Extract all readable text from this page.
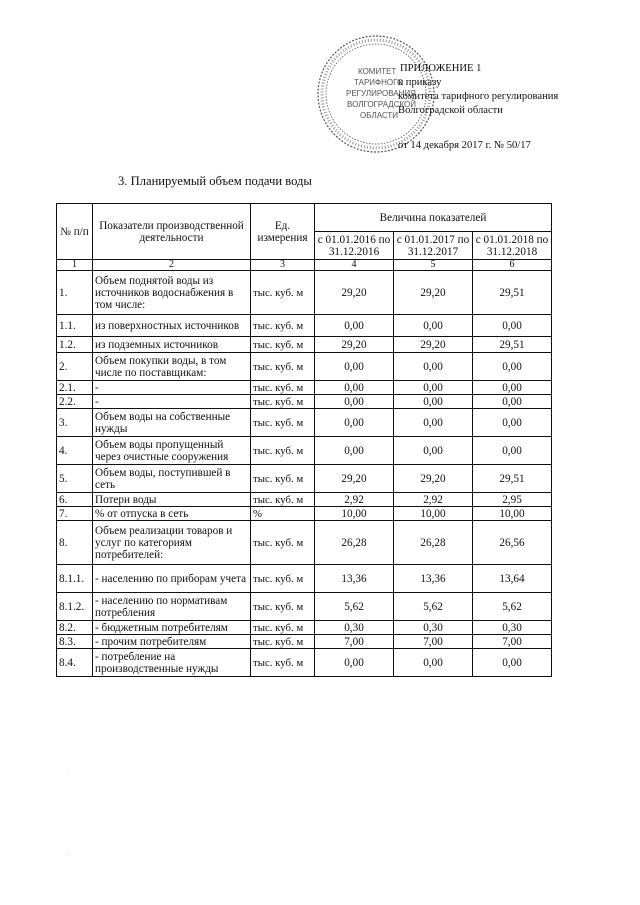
КОМИТЕТ
ТАРИФНОГО
РЕГУЛИРОВАНИЯ
ВОЛГОГРАДСКОЙ
ОБЛАСТИ
ПРИЛОЖЕНИЕ 1
к приказу
комитета тарифного регулирования
Волгоградской области
от 14 декабря 2017 г. № 50/17
3. Планируемый объем подачи воды
№ п/п	Показатели производственной деятельности	Ед. измерения	Величина показателей		
			с 01.01.2016 по 31.12.2016	с 01.01.2017 по 31.12.2017	с 01.01.2018 по 31.12.2018
1	2	3	4	5	6
1.	Объем поднятой воды из источников водоснабжения в том числе:	тыс. куб. м	29,20	29,20	29,51
1.1.	из поверхностных источников	тыс. куб. м	0,00	0,00	0,00
1.2.	из подземных источников	тыс. куб. м	29,20	29,20	29,51
2.	Объем покупки воды, в том числе по поставщикам:	тыс. куб. м	0,00	0,00	0,00
2.1.	-	тыс. куб. м	0,00	0,00	0,00
2.2.	-	тыс. куб. м	0,00	0,00	0,00
3.	Объем воды на собственные нужды	тыс. куб. м	0,00	0,00	0,00
4.	Объем воды пропущенный через очистные сооружения	тыс. куб. м	0,00	0,00	0,00
5.	Объем воды, поступившей в сеть	тыс. куб. м	29,20	29,20	29,51
6.	Потери воды	тыс. куб. м	2,92	2,92	2,95
7.	% от отпуска в сеть	%	10,00	10,00	10,00
8.	Объем реализации товаров и услуг по категориям потребителей:	тыс. куб. м	26,28	26,28	26,56
8.1.1.	- населению по приборам учета	тыс. куб. м	13,36	13,36	13,64
8.1.2.	- населению по нормативам потребления	тыс. куб. м	5,62	5,62	5,62
8.2.	- бюджетным потребителям	тыс. куб. м	0,30	0,30	0,30
8.3.	- прочим потребителям	тыс. куб. м	7,00	7,00	7,00
8.4.	- потребление на производственные нужды	тыс. куб. м	0,00	0,00	0,00
·
·
